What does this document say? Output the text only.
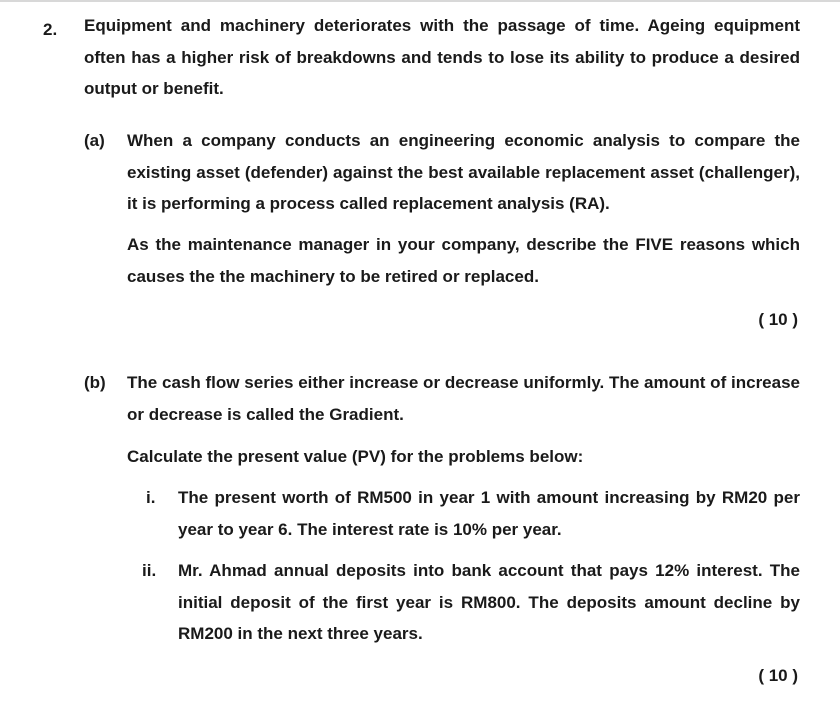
2. Equipment and machinery deteriorates with the passage of time. Ageing equipment often has a higher risk of breakdowns and tends to lose its ability to produce a desired output or benefit.
(a) When a company conducts an engineering economic analysis to compare the existing asset (defender) against the best available replacement asset (challenger), it is performing a process called replacement analysis (RA).
As the maintenance manager in your company, describe the FIVE reasons which causes the the machinery to be retired or replaced.
( 10 )
(b) The cash flow series either increase or decrease uniformly. The amount of increase or decrease is called the Gradient.
Calculate the present value (PV) for the problems below:
i. The present worth of RM500 in year 1 with amount increasing by RM20 per year to year 6. The interest rate is 10% per year.
ii. Mr. Ahmad annual deposits into bank account that pays 12% interest. The initial deposit of the first year is RM800. The deposits amount decline by RM200 in the next three years.
( 10 )
